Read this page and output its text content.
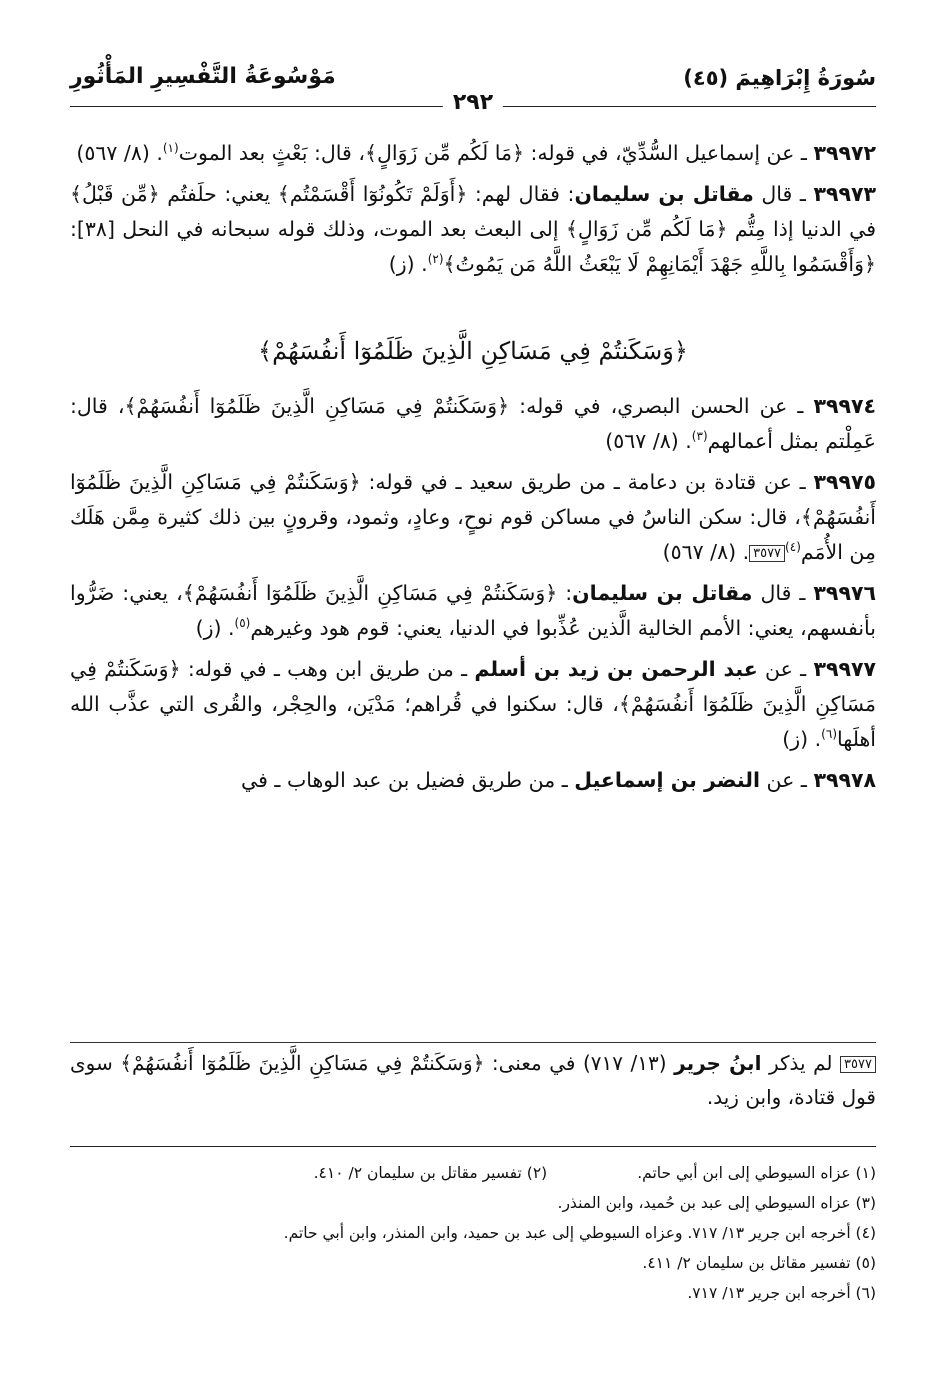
سُورَةُ إِبْرَاهِيمَ (٤٥)
٢٩٢
مَوْسُوعَةُ التَّفْسِيرِ المَأْثُورِ

٣٩٩٧٢ ـ عن إسماعيل السُّدِّيّ، في قوله: ﴿مَا لَكُم مِّن زَوَالٍ﴾، قال: بَعْثٍ بعد الموت$^{(١)}$. (٨/ ٥٦٧)

٣٩٩٧٣ ـ قال مقاتل بن سليمان: فقال لهم: ﴿أَوَلَمْ تَكُونُوٓا أَقْسَمْتُم﴾ يعني: حلَفتُم ﴿مِّن قَبْلُ﴾ في الدنيا إذا مِتُّم ﴿مَا لَكُم مِّن زَوَالٍ﴾ إلى البعث بعد الموت، وذلك قوله سبحانه في النحل [٣٨]: ﴿وَأَقْسَمُوا بِاللَّهِ جَهْدَ أَيْمَانِهِمْ لَا يَبْعَثُ اللَّهُ مَن يَمُوتُ﴾$^{(٢)}$. (ز)

﴿وَسَكَنتُمْ فِي مَسَاكِنِ الَّذِينَ ظَلَمُوٓا أَنفُسَهُمْ﴾

٣٩٩٧٤ ـ عن الحسن البصري، في قوله: ﴿وَسَكَنتُمْ فِي مَسَاكِنِ الَّذِينَ ظَلَمُوٓا أَنفُسَهُمْ﴾، قال: عَمِلْتم بمثل أعمالهم$^{(٣)}$. (٨/ ٥٦٧)

٣٩٩٧٥ ـ عن قتادة بن دعامة ـ من طريق سعيد ـ في قوله: ﴿وَسَكَنتُمْ فِي مَسَاكِنِ الَّذِينَ ظَلَمُوٓا أَنفُسَهُمْ﴾، قال: سكن الناسُ في مساكن قوم نوحٍ، وعادٍ، وثمود، وقرونٍ بين ذلك كثيرة مِمَّن هَلَك مِن الأُمَم$^{(٤)}$٣٥٧٧. (٨/ ٥٦٧)

٣٩٩٧٦ ـ قال مقاتل بن سليمان: ﴿وَسَكَنتُمْ فِي مَسَاكِنِ الَّذِينَ ظَلَمُوٓا أَنفُسَهُمْ﴾، يعني: ضَرُّوا بأنفسهم، يعني: الأمم الخالية الَّذين عُذِّبوا في الدنيا، يعني: قوم هود وغيرهم$^{(٥)}$. (ز)

٣٩٩٧٧ ـ عن عبد الرحمن بن زيد بن أسلم ـ من طريق ابن وهب ـ في قوله: ﴿وَسَكَنتُمْ فِي مَسَاكِنِ الَّذِينَ ظَلَمُوٓا أَنفُسَهُمْ﴾، قال: سكنوا في قُراهم؛ مَدْيَن، والحِجْر، والقُرى التي عذَّب الله أهلَها$^{(٦)}$. (ز)

٣٩٩٧٨ ـ عن النضر بن إسماعيل ـ من طريق فضيل بن عبد الوهاب ـ في

٣٥٧٧ لم يذكر ابنُ جرير (١٣/ ٧١٧) في معنى: ﴿وَسَكَنتُمْ فِي مَسَاكِنِ الَّذِينَ ظَلَمُوٓا أَنفُسَهُمْ﴾ سوى قول قتادة، وابن زيد.
(١) عزاه السيوطي إلى ابن أبي حاتم.
(٢) تفسير مقاتل بن سليمان ٢/ ٤١٠.
(٣) عزاه السيوطي إلى عبد بن حُميد، وابن المنذر.
(٤) أخرجه ابن جرير ١٣/ ٧١٧. وعزاه السيوطي إلى عبد بن حميد، وابن المنذر، وابن أبي حاتم.
(٥) تفسير مقاتل بن سليمان ٢/ ٤١١.
(٦) أخرجه ابن جرير ١٣/ ٧١٧.
